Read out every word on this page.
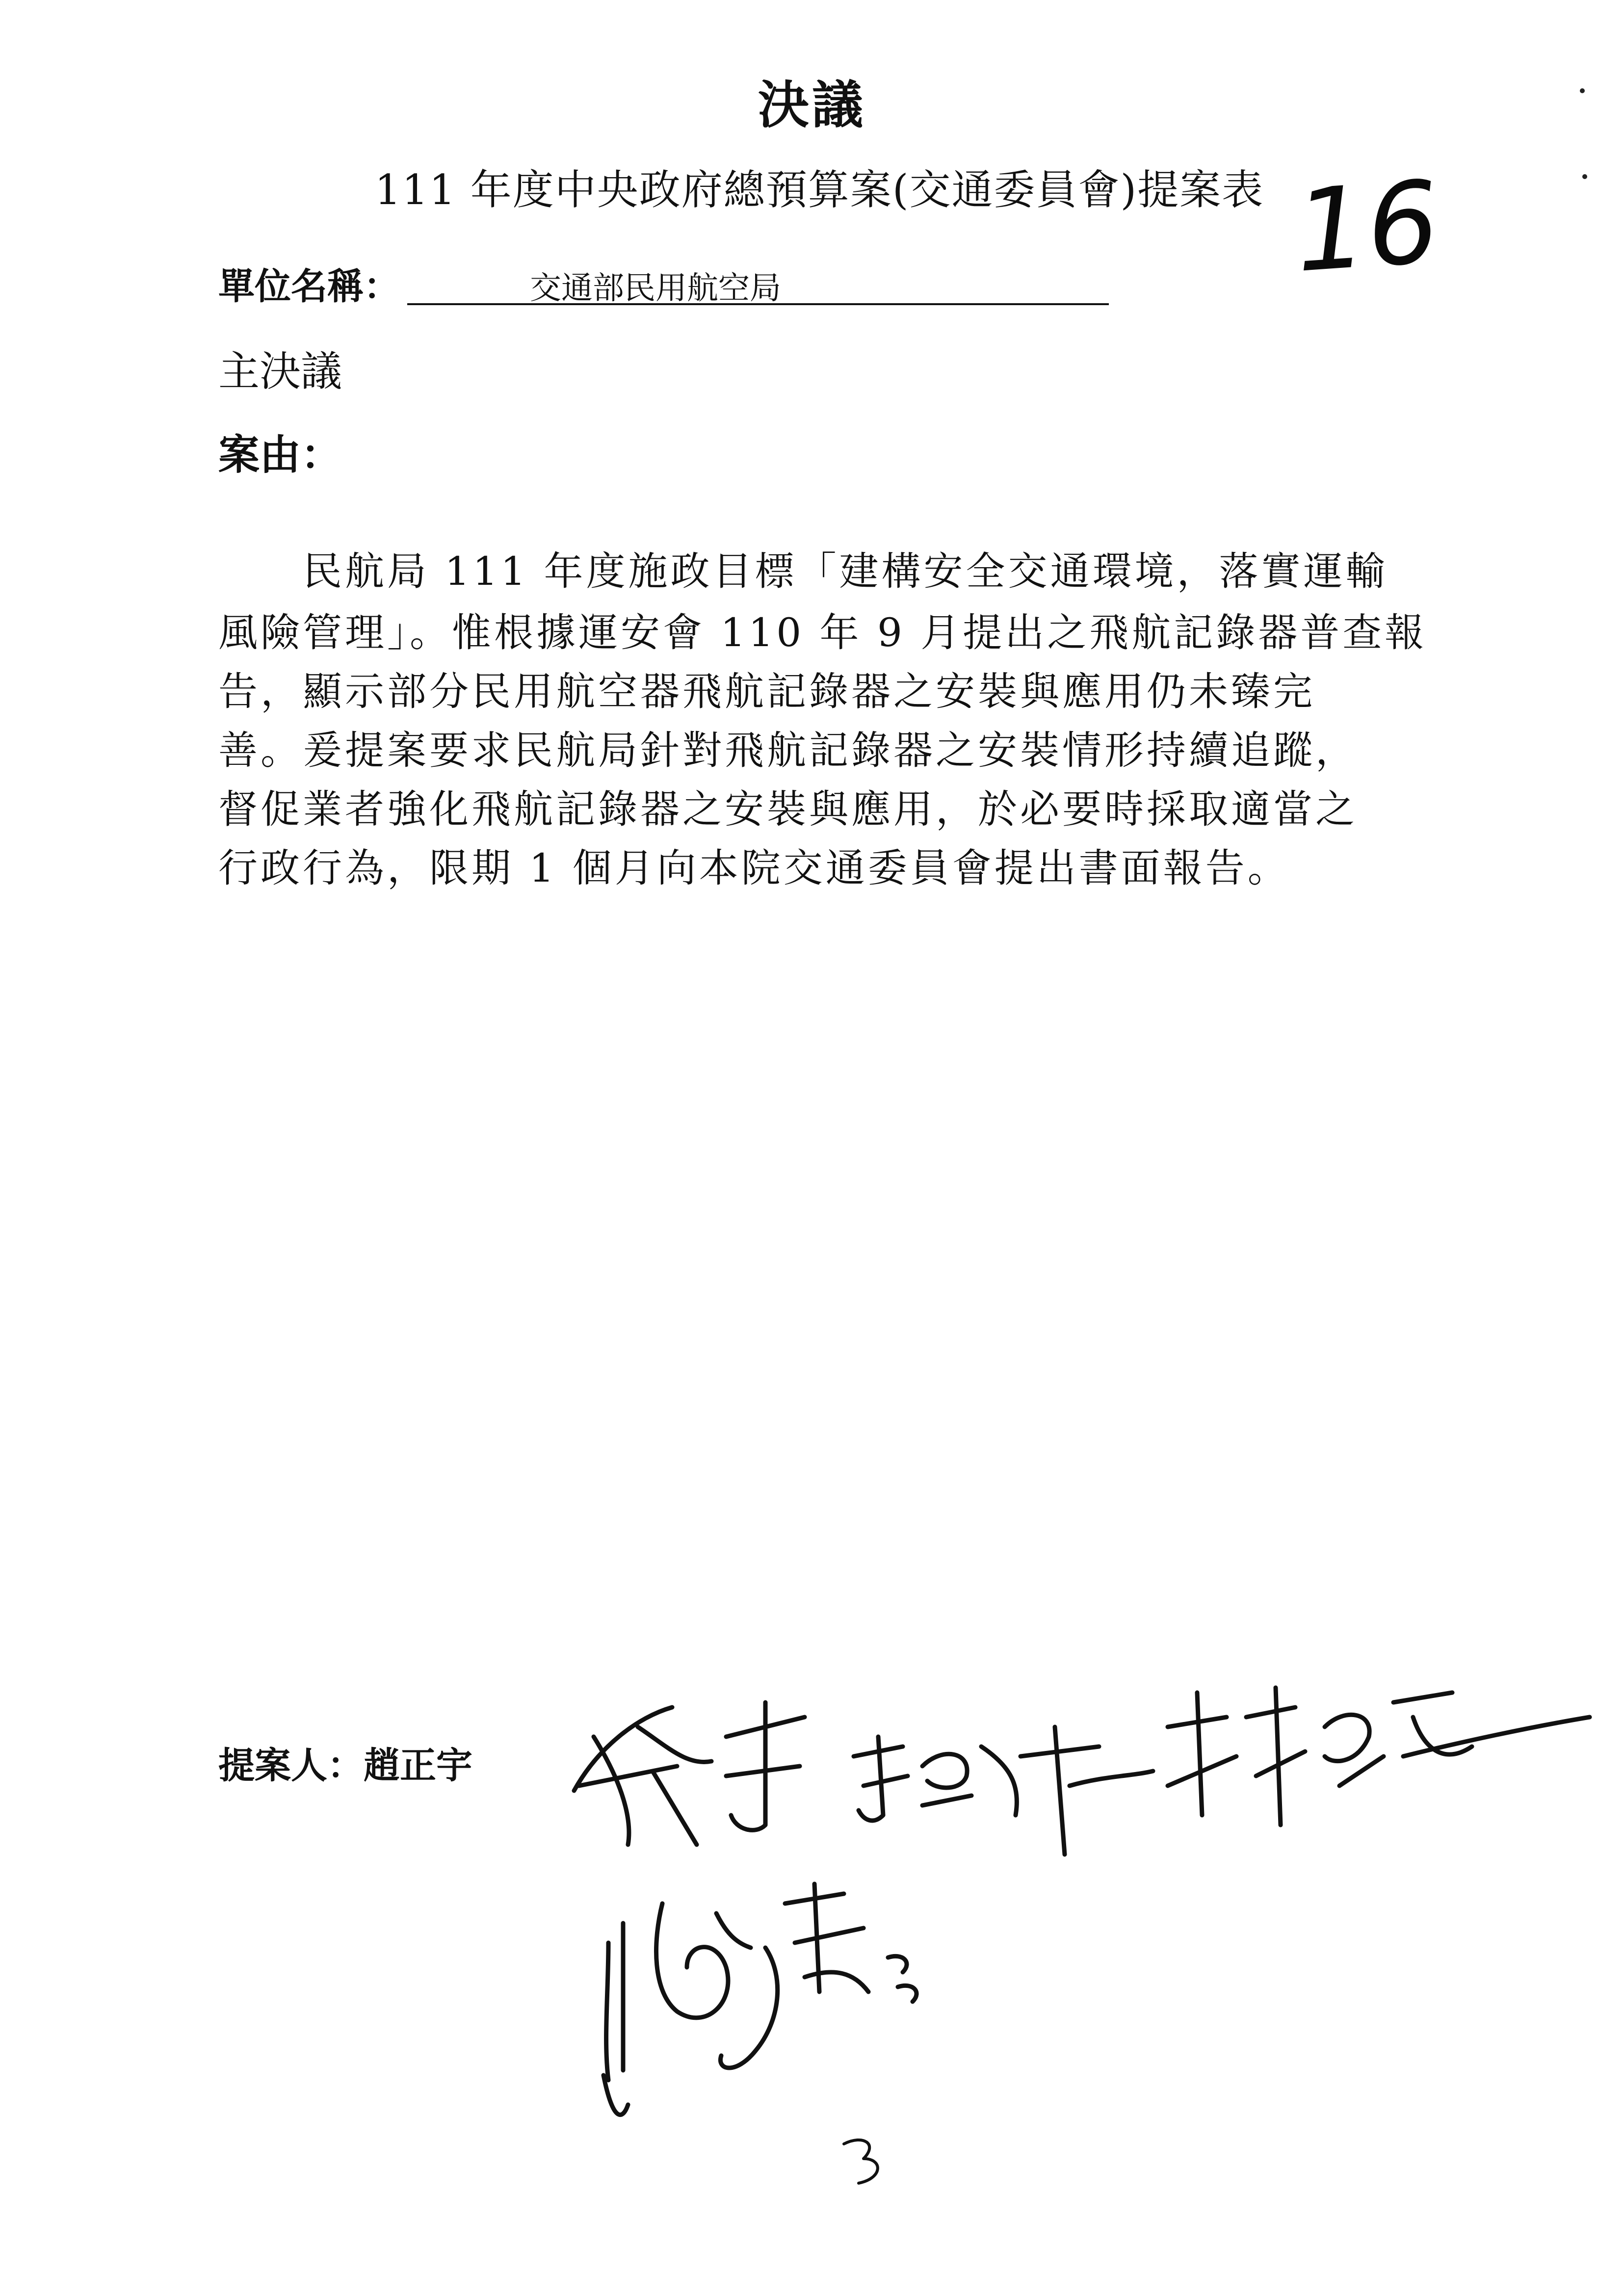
決議
111 年度中央政府總預算案(交通委員會)提案表 16
單位名稱：	交通部民用航空局
主決議
案由：
　　民航局 111 年度施政目標「建構安全交通環境，落實運輸
風險管理」。惟根據運安會 110 年 9 月提出之飛航記錄器普查報
告，顯示部分民用航空器飛航記錄器之安裝與應用仍未臻完
善。爰提案要求民航局針對飛航記錄器之安裝情形持續追蹤，
督促業者強化飛航記錄器之安裝與應用，於必要時採取適當之
行政行為，限期 1 個月向本院交通委員會提出書面報告。
提案人：趙正宇
